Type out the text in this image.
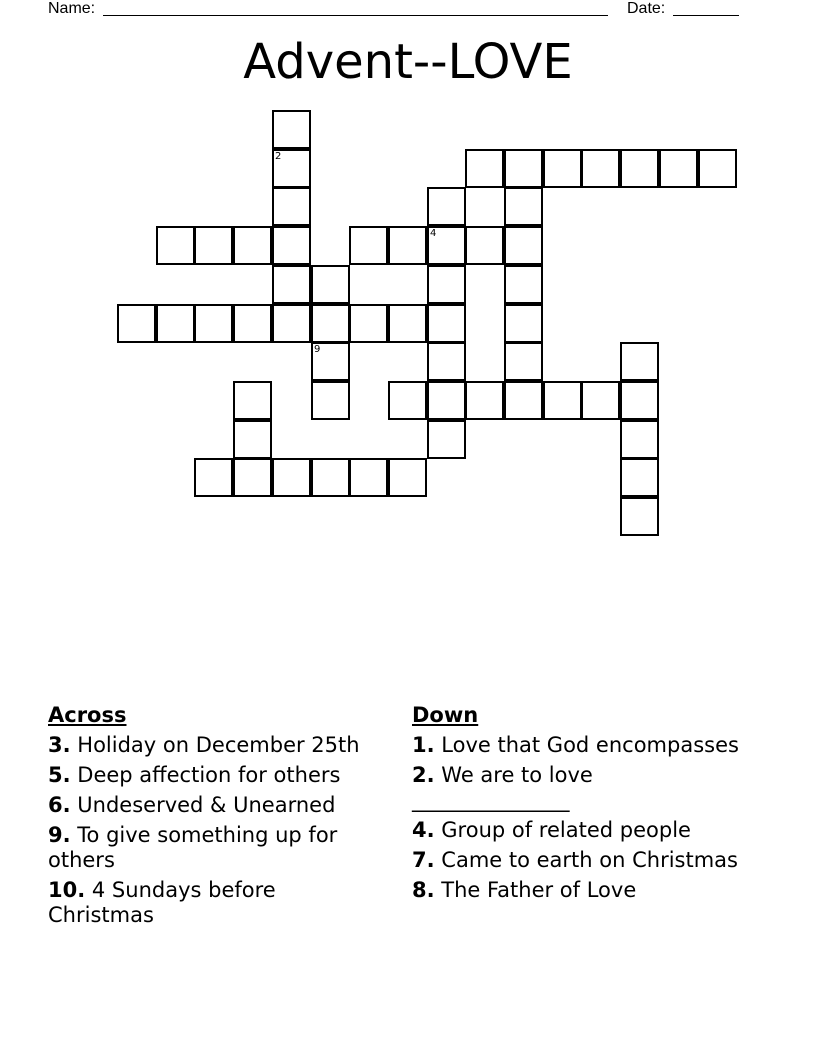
Name:	Date:
Advent--LOVE
2
4
9
Across
3. Holiday on December 25th
5. Deep affection for others
6. Undeserved & Unearned
9. To give something up for others
10. 4 Sundays before Christmas
Down
1. Love that God encompasses
2. We are to love _______________
4. Group of related people
7. Came to earth on Christmas
8. The Father of Love
